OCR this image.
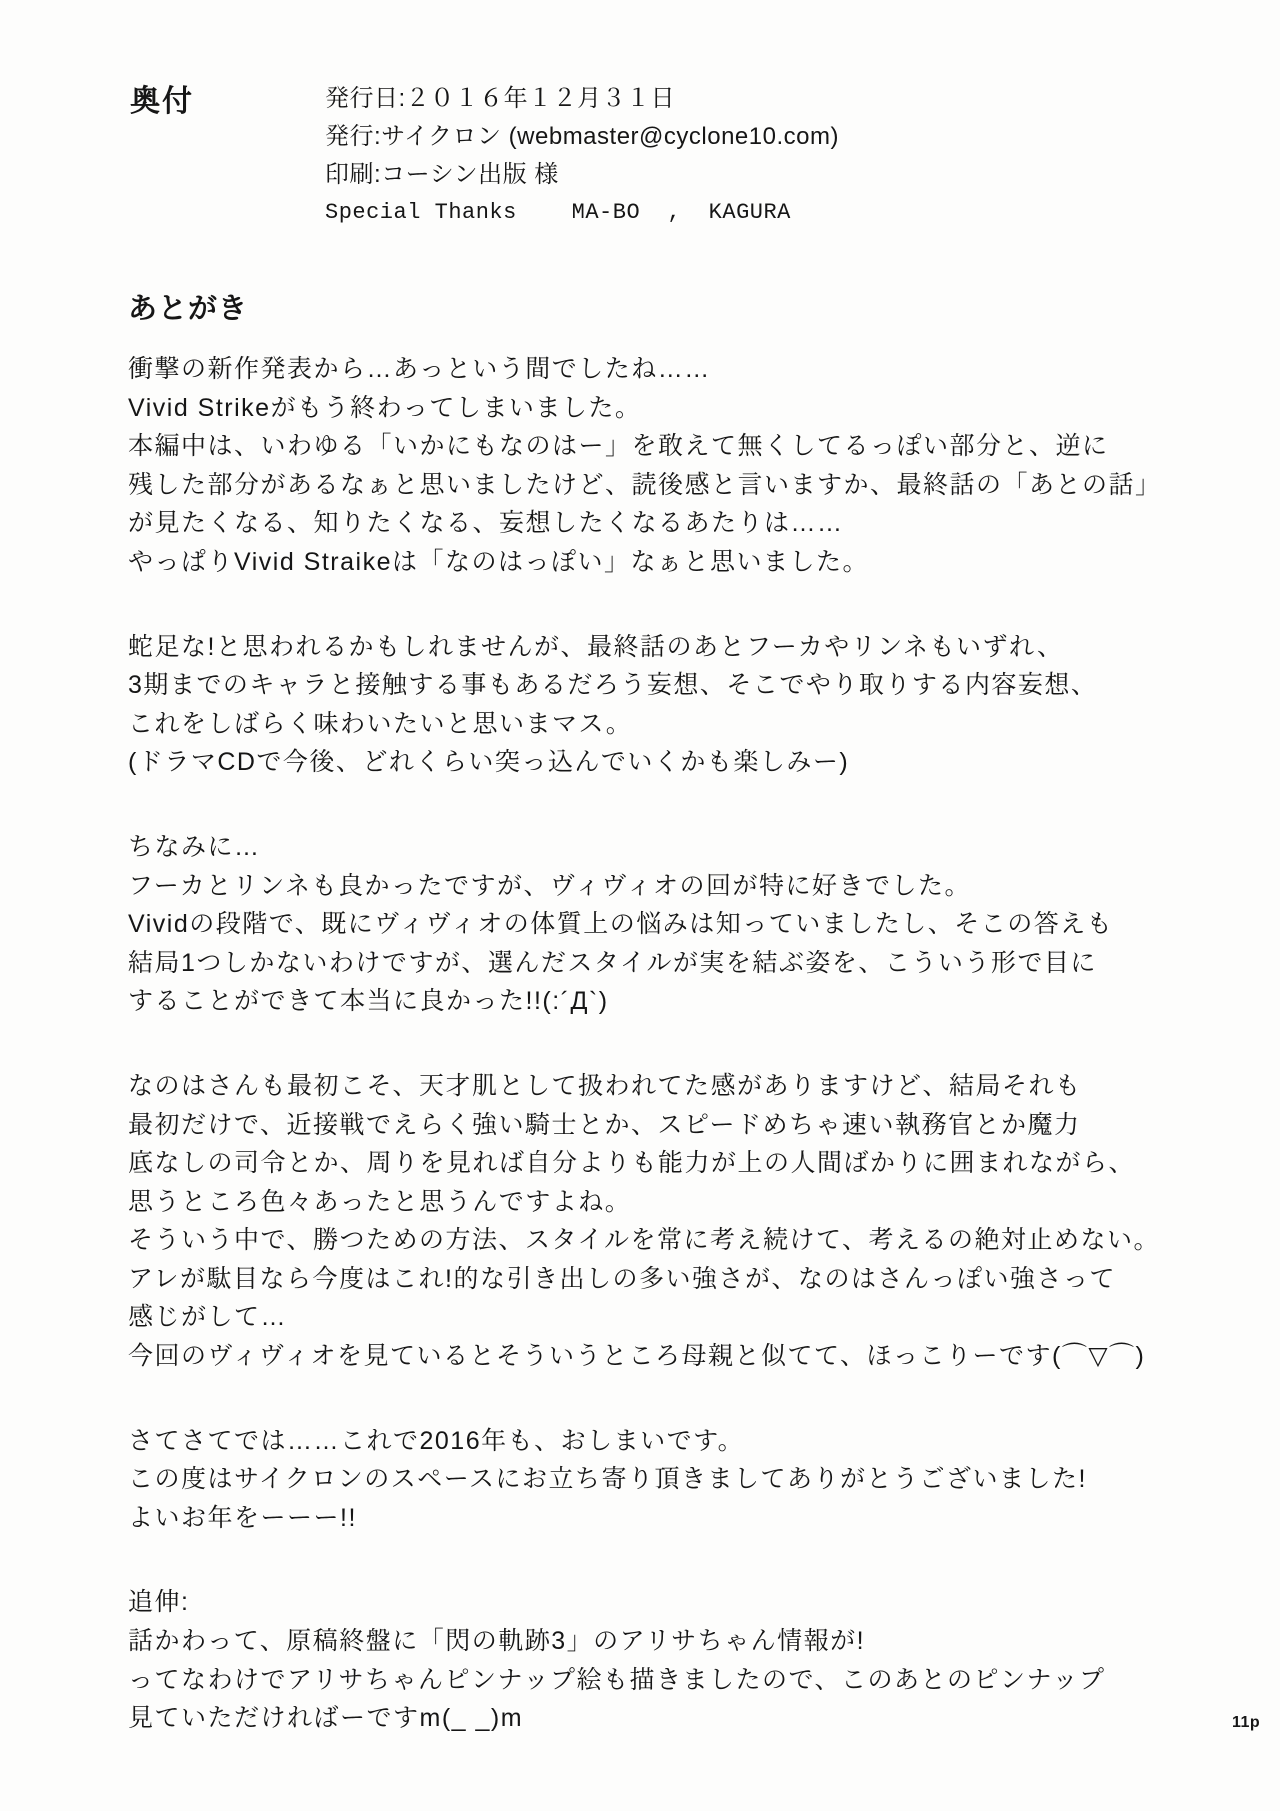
奥付	発行日:２０１６年１２月３１日
発行:サイクロン (webmaster@cyclone10.com)
印刷:コーシン出版 様
Special Thanks    MA-BO  ,  KAGURA
あとがき
衝撃の新作発表から…あっという間でしたね……
Vivid Strikeがもう終わってしまいました。
本編中は、いわゆる「いかにもなのはー」を敢えて無くしてるっぽい部分と、逆に
残した部分があるなぁと思いましたけど、読後感と言いますか、最終話の「あとの話」
が見たくなる、知りたくなる、妄想したくなるあたりは……
やっぱりVivid Straikeは「なのはっぽい」なぁと思いました。
蛇足な!と思われるかもしれませんが、最終話のあとフーカやリンネもいずれ、
3期までのキャラと接触する事もあるだろう妄想、そこでやり取りする内容妄想、
これをしばらく味わいたいと思いまマス。
(ドラマCDで今後、どれくらい突っ込んでいくかも楽しみー)
ちなみに…
フーカとリンネも良かったですが、ヴィヴィオの回が特に好きでした。
Vividの段階で、既にヴィヴィオの体質上の悩みは知っていましたし、そこの答えも
結局1つしかないわけですが、選んだスタイルが実を結ぶ姿を、こういう形で目に
することができて本当に良かった!!(:´Д`)
なのはさんも最初こそ、天才肌として扱われてた感がありますけど、結局それも
最初だけで、近接戦でえらく強い騎士とか、スピードめちゃ速い執務官とか魔力
底なしの司令とか、周りを見れば自分よりも能力が上の人間ばかりに囲まれながら、
思うところ色々あったと思うんですよね。
そういう中で、勝つための方法、スタイルを常に考え続けて、考えるの絶対止めない。
アレが駄目なら今度はこれ!的な引き出しの多い強さが、なのはさんっぽい強さって
感じがして…
今回のヴィヴィオを見ているとそういうところ母親と似てて、ほっこりーです(⌒▽⌒)
さてさてでは……これで2016年も、おしまいです。
この度はサイクロンのスペースにお立ち寄り頂きましてありがとうございました!
よいお年をーーー!!
追伸:
話かわって、原稿終盤に「閃の軌跡3」のアリサちゃん情報が!
ってなわけでアリサちゃんピンナップ絵も描きましたので、このあとのピンナップ
見ていただければーですm(_ _)m	11p
